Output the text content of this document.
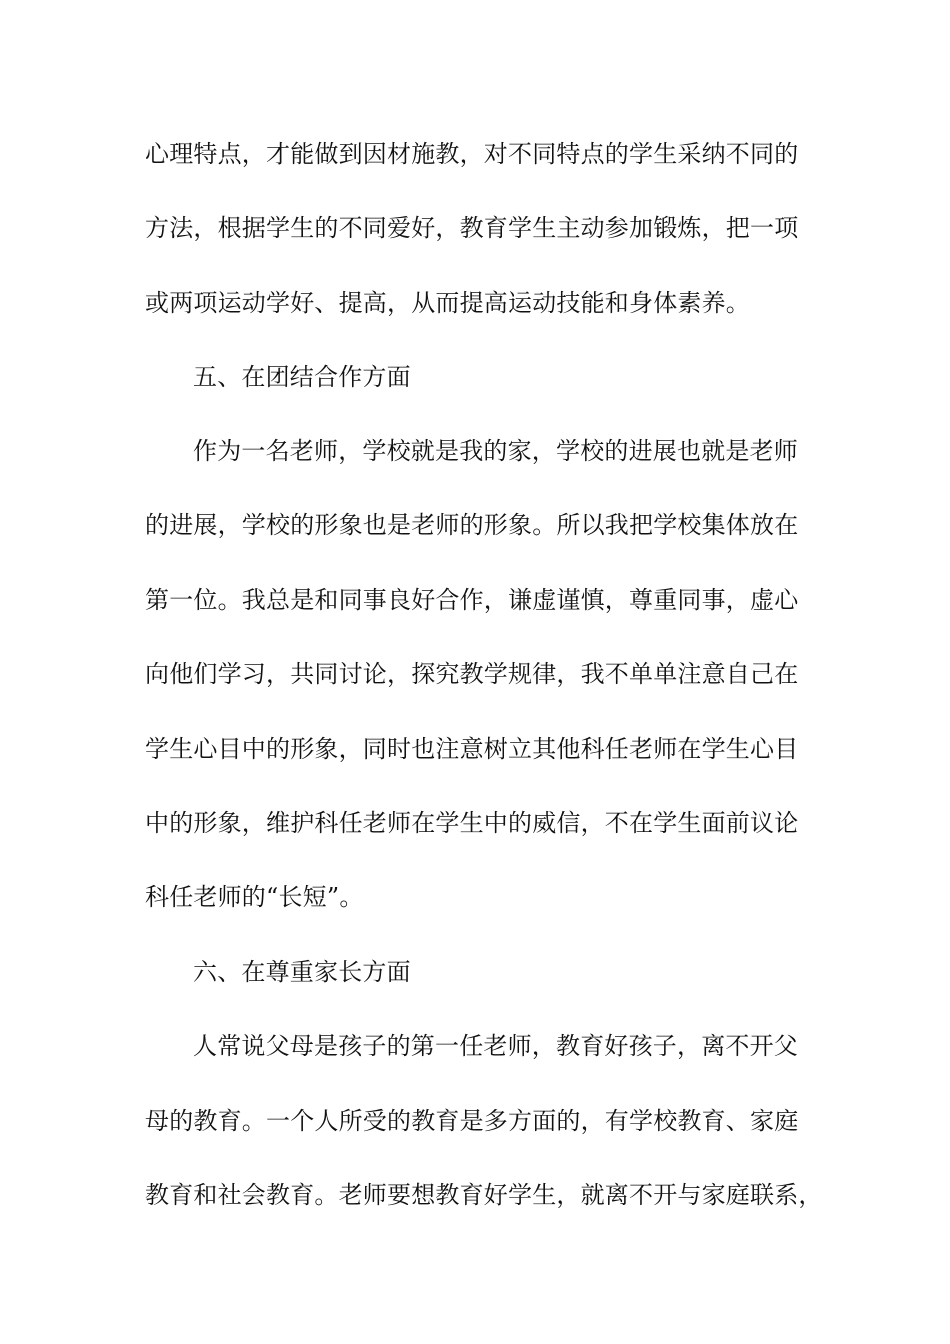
心理特点，才能做到因材施教，对不同特点的学生采纳不同的
方法，根据学生的不同爱好，教育学生主动参加锻炼，把一项
或两项运动学好、提高，从而提高运动技能和身体素养。
五、在团结合作方面
作为一名老师，学校就是我的家，学校的进展也就是老师
的进展，学校的形象也是老师的形象。所以我把学校集体放在
第一位。我总是和同事良好合作，谦虚谨慎，尊重同事，虚心
向他们学习，共同讨论，探究教学规律，我不单单注意自己在
学生心目中的形象，同时也注意树立其他科任老师在学生心目
中的形象，维护科任老师在学生中的威信，不在学生面前议论
科任老师的“长短”。
六、在尊重家长方面
人常说父母是孩子的第一任老师，教育好孩子，离不开父
母的教育。一个人所受的教育是多方面的，有学校教育、家庭
教育和社会教育。老师要想教育好学生，就离不开与家庭联系，
